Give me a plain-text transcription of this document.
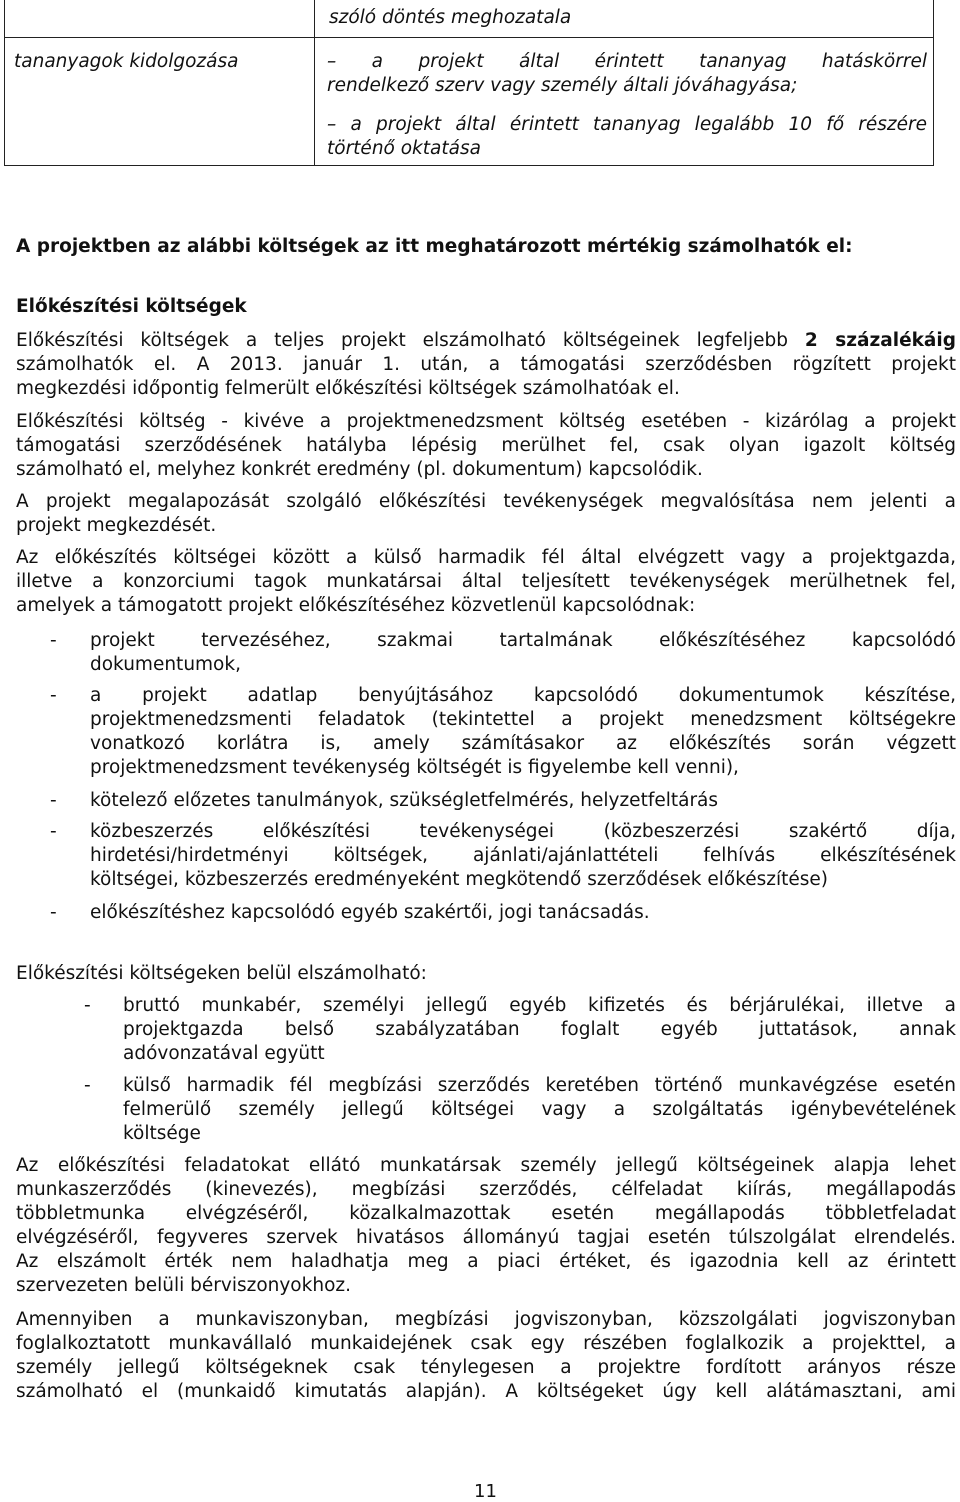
szóló döntés meghozatala
tananyagok kidolgozása	– a projekt által érintett tananyag hatáskörrel
rendelkező szerv vagy személy általi jóváhagyása;
– a projekt által érintett tananyag legalább 10 fő részére
történő oktatása
A projektben az alábbi költségek az itt meghatározott mértékig számolhatók el:
Előkészítési költségek
Előkészítési költségek a teljes projekt elszámolható költségeinek legfeljebb 2 százalékáig
számolhatók el. A 2013. január 1. után, a támogatási szerződésben rögzített projekt
megkezdési időpontig felmerült előkészítési költségek számolhatóak el.
Előkészítési költség - kivéve a projektmenedzsment költség esetében - kizárólag a projekt
támogatási szerződésének hatályba lépésig merülhet fel, csak olyan igazolt költség
számolható el, melyhez konkrét eredmény (pl. dokumentum) kapcsolódik.
A projekt megalapozását szolgáló előkészítési tevékenységek megvalósítása nem jelenti a
projekt megkezdését.
Az előkészítés költségei között a külső harmadik fél által elvégzett vagy a projektgazda,
illetve a konzorciumi tagok munkatársai által teljesített tevékenységek merülhetnek fel,
amelyek a támogatott projekt előkészítéséhez közvetlenül kapcsolódnak:
- projekt tervezéséhez, szakmai tartalmának előkészítéséhez kapcsolódó
dokumentumok,
- a projekt adatlap benyújtásához kapcsolódó dokumentumok készítése,
projektmenedzsmenti feladatok (tekintettel a projekt menedzsment költségekre
vonatkozó korlátra is, amely számításakor az előkészítés során végzett
projektmenedzsment tevékenység költségét is figyelembe kell venni),
- kötelező előzetes tanulmányok, szükségletfelmérés, helyzetfeltárás
- közbeszerzés előkészítési tevékenységei (közbeszerzési szakértő díja,
hirdetési/hirdetményi költségek, ajánlati/ajánlattételi felhívás elkészítésének
költségei, közbeszerzés eredményeként megkötendő szerződések előkészítése)
- előkészítéshez kapcsolódó egyéb szakértői, jogi tanácsadás.
Előkészítési költségeken belül elszámolható:
- bruttó munkabér, személyi jellegű egyéb kifizetés és bérjárulékai, illetve a
projektgazda belső szabályzatában foglalt egyéb juttatások, annak
adóvonzatával együtt
- külső harmadik fél megbízási szerződés keretében történő munkavégzése esetén
felmerülő személy jellegű költségei vagy a szolgáltatás igénybevételének
költsége
Az előkészítési feladatokat ellátó munkatársak személy jellegű költségeinek alapja lehet
munkaszerződés (kinevezés), megbízási szerződés, célfeladat kiírás, megállapodás
többletmunka elvégzéséről, közalkalmazottak esetén megállapodás többletfeladat
elvégzéséről, fegyveres szervek hivatásos állományú tagjai esetén túlszolgálat elrendelés.
Az elszámolt érték nem haladhatja meg a piaci értéket, és igazodnia kell az érintett
szervezeten belüli bérviszonyokhoz.
Amennyiben a munkaviszonyban, megbízási jogviszonyban, közszolgálati jogviszonyban
foglalkoztatott munkavállaló munkaidejének csak egy részében foglalkozik a projekttel, a
személy jellegű költségeknek csak ténylegesen a projektre fordított arányos része
számolható el (munkaidő kimutatás alapján). A költségeket úgy kell alátámasztani, ami
11
